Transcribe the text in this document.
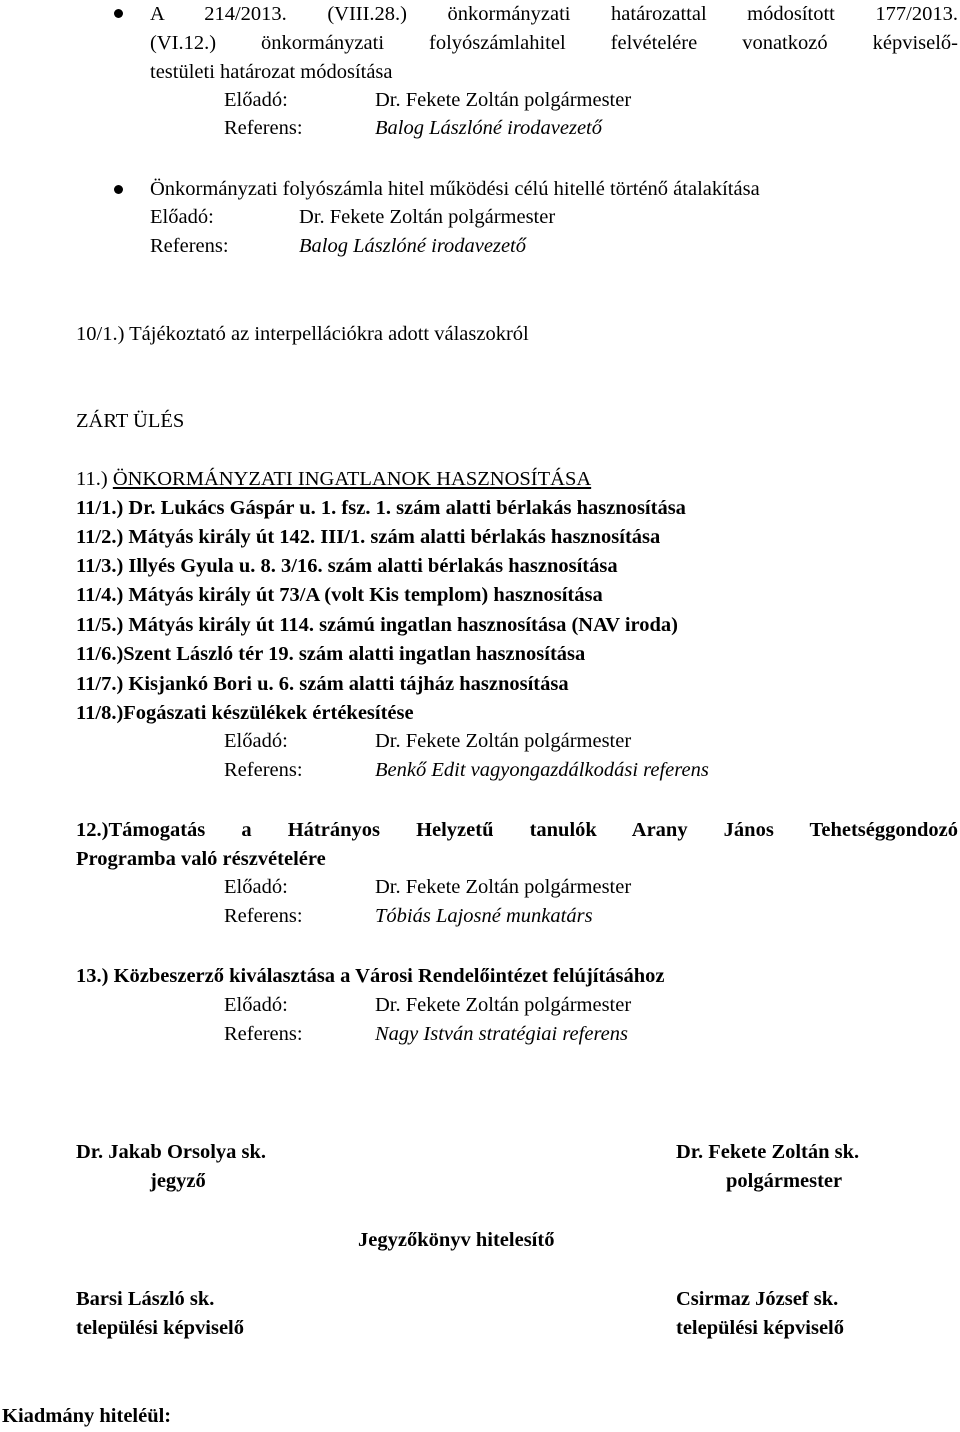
A 214/2013. (VIII.28.) önkormányzati határozattal módosított 177/2013.
(VI.12.) önkormányzati folyószámlahitel felvételére vonatkozó képviselő-
testületi határozat módosítása
Előadó:	Dr. Fekete Zoltán polgármester
Referens:	Balog Lászlóné irodavezető
Önkormányzati folyószámla hitel működési célú hitellé történő átalakítása
Előadó:	Dr. Fekete Zoltán polgármester
Referens:	Balog Lászlóné irodavezető
10/1.) Tájékoztató az interpellációkra adott válaszokról
ZÁRT ÜLÉS
11.) ÖNKORMÁNYZATI INGATLANOK HASZNOSÍTÁSA
11/1.) Dr. Lukács Gáspár u. 1. fsz. 1. szám alatti bérlakás hasznosítása
11/2.) Mátyás király út 142. III/1. szám alatti bérlakás hasznosítása
11/3.) Illyés Gyula u. 8. 3/16. szám alatti bérlakás hasznosítása
11/4.) Mátyás király út 73/A (volt Kis templom) hasznosítása
11/5.) Mátyás király út 114. számú ingatlan hasznosítása (NAV iroda)
11/6.)Szent László tér 19. szám alatti ingatlan hasznosítása
11/7.) Kisjankó Bori u. 6. szám alatti tájház hasznosítása
11/8.)Fogászati készülékek értékesítése
Előadó:	Dr. Fekete Zoltán polgármester
Referens:	Benkő Edit vagyongazdálkodási referens
12.)Támogatás a Hátrányos Helyzetű tanulók Arany János Tehetséggondozó
Programba való részvételére
Előadó:	Dr. Fekete Zoltán polgármester
Referens:	Tóbiás Lajosné munkatárs
13.) Közbeszerző kiválasztása a Városi Rendelőintézet felújításához
Előadó:	Dr. Fekete Zoltán polgármester
Referens:	Nagy István stratégiai referens
Dr. Jakab Orsolya sk.
jegyző
Dr. Fekete Zoltán sk.
polgármester
Jegyzőkönyv hitelesítő
Barsi László sk.
települési képviselő
Csirmaz József sk.
települési képviselő
Kiadmány hiteléül:
